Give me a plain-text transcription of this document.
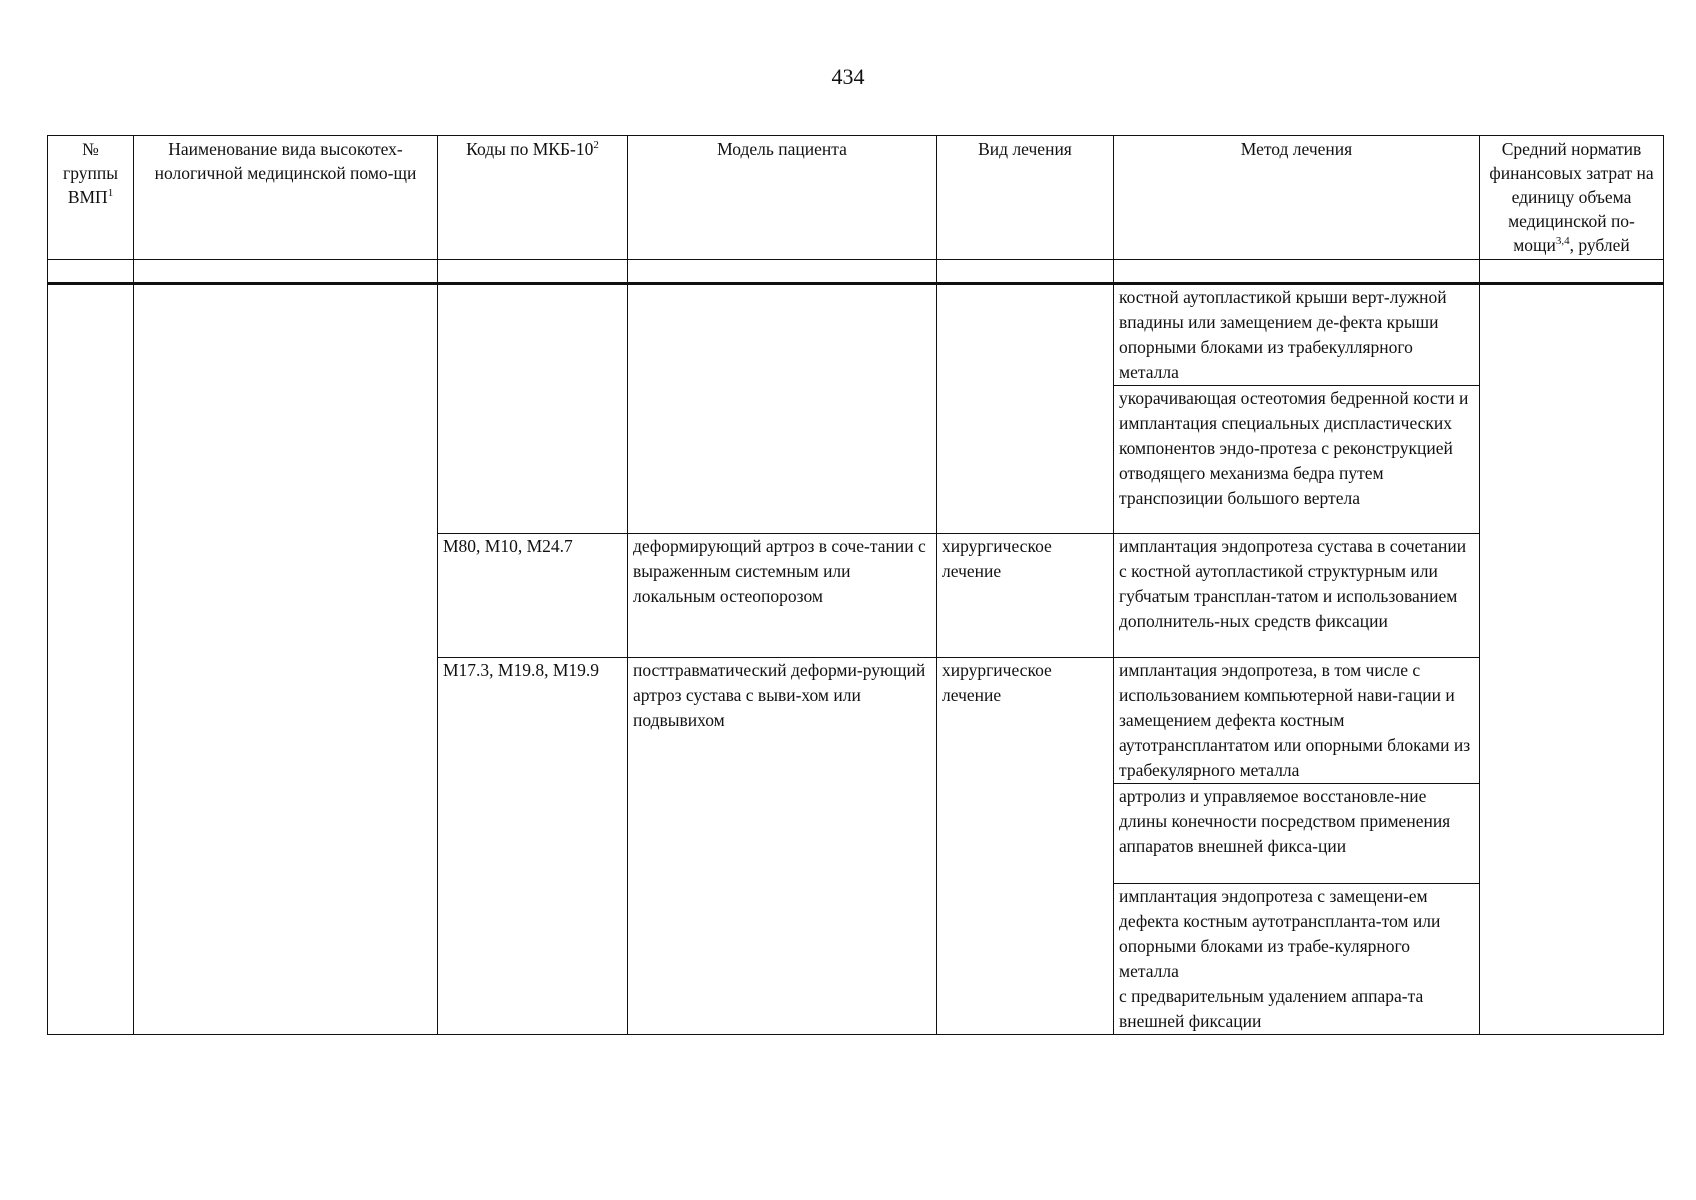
434
№ группы ВМП$^1$	Наименование вида высокотех-нологичной медицинской помо-щи	Коды по МКБ-$10^2$	Модель пациента	Вид лечения	Метод лечения	Средний норматив финансовых затрат на единицу объема медицинской по-мощи$^{3,4}$, рублей

					костной аутопластикой крыши верт-лужной впадины или замещением де-фекта крыши опорными блоками из трабекуллярного металла	
					укорачивающая остеотомия бедренной кости и имплантация специальных диспластических компонентов эндо-протеза с реконструкцией отводящего механизма бедра путем транспозиции большого вертела	
		M80, M10, M24.7	деформирующий артроз в соче-тании с выраженным системным или локальным остеопорозом	хирургическое лечение	имплантация эндопротеза сустава в сочетании с костной аутопластикой структурным или губчатым трансплан-татом и использованием дополнитель-ных средств фиксации	
		M17.3, M19.8, M19.9	посттравматический деформи-рующий артроз сустава с выви-хом или подвывихом	хирургическое лечение	имплантация эндопротеза, в том числе с использованием компьютерной нави-гации и замещением дефекта костным аутотрансплантатом или опорными блоками из трабекулярного металла	
					артролиз и управляемое восстановле-ние длины конечности посредством применения аппаратов внешней фикса-ции	
					имплантация эндопротеза с замещени-ем дефекта костным аутотрансплантa-том или опорными блоками из трабе-кулярного металла
с предварительным удалением аппара-та внешней фиксации	
